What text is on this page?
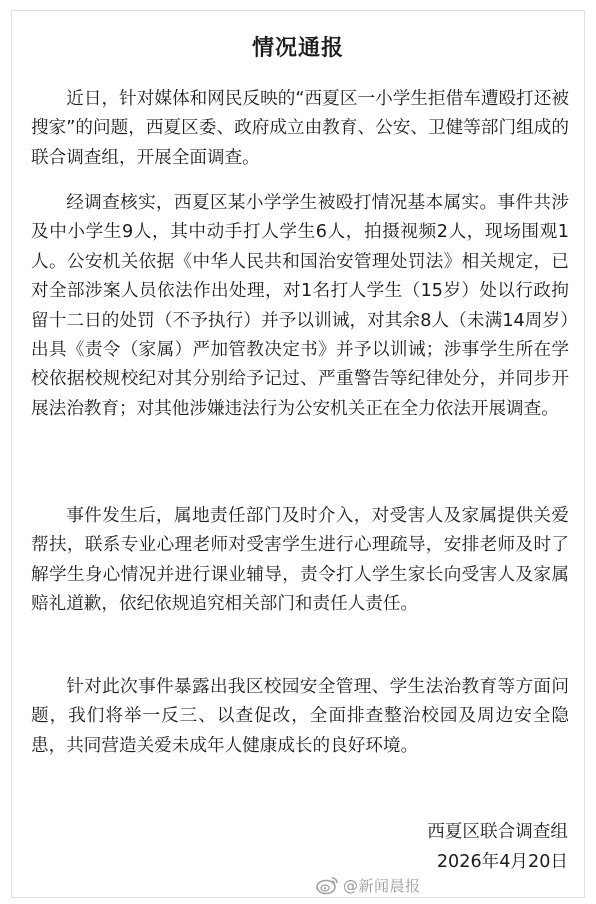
情况通报

近日，针对媒体和网民反映的“西夏区一小学生拒借车遭殴打还被搜家”的问题，西夏区委、政府成立由教育、公安、卫健等部门组成的联合调查组，开展全面调查。

经调查核实，西夏区某小学学生被殴打情况基本属实。事件共涉及中小学生9人，其中动手打人学生6人，拍摄视频2人，现场围观1人。公安机关依据《中华人民共和国治安管理处罚法》相关规定，已对全部涉案人员依法作出处理，对1名打人学生（15岁）处以行政拘留十二日的处罚（不予执行）并予以训诫，对其余8人（未满14周岁）出具《责令（家属）严加管教决定书》并予以训诫；涉事学生所在学校依据校规校纪对其分别给予记过、严重警告等纪律处分，并同步开展法治教育；对其他涉嫌违法行为公安机关正在全力依法开展调查。

事件发生后，属地责任部门及时介入，对受害人及家属提供关爱帮扶，联系专业心理老师对受害学生进行心理疏导，安排老师及时了解学生身心情况并进行课业辅导，责令打人学生家长向受害人及家属赔礼道歉，依纪依规追究相关部门和责任人责任。

针对此次事件暴露出我区校园安全管理、学生法治教育等方面问题，我们将举一反三、以查促改，全面排查整治校园及周边安全隐患，共同营造关爱未成年人健康成长的良好环境。

西夏区联合调查组
2026年4月20日
@新闻晨报
